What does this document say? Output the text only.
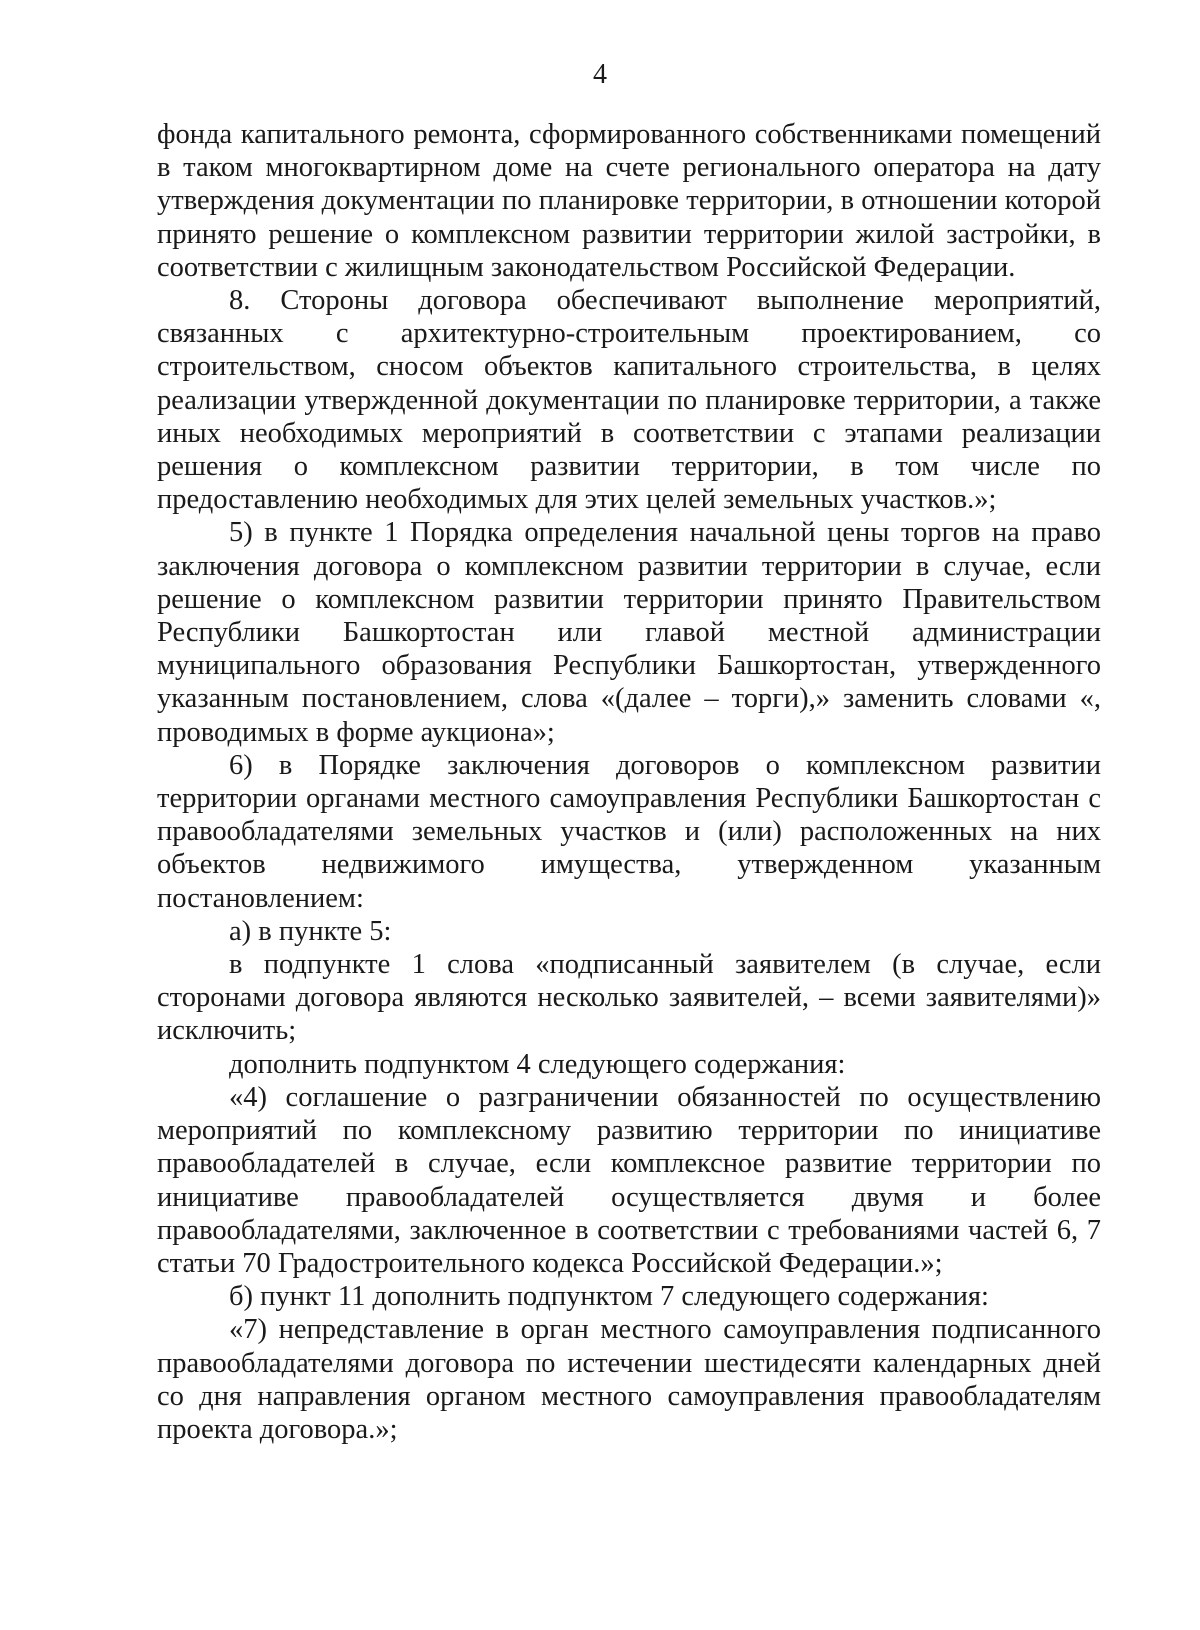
4

фонда капитального ремонта, сформированного собственниками помещений в таком многоквартирном доме на счете регионального оператора на дату утверждения документации по планировке территории, в отношении которой принято решение о комплексном развитии территории жилой застройки, в соответствии с жилищным законодательством Российской Федерации.

8. Стороны договора обеспечивают выполнение мероприятий, связанных с архитектурно-строительным проектированием, со строительством, сносом объектов капитального строительства, в целях реализации утвержденной документации по планировке территории, а также иных необходимых мероприятий в соответствии с этапами реализации решения о комплексном развитии территории, в том числе по предоставлению необходимых для этих целей земельных участков.»;

5) в пункте 1 Порядка определения начальной цены торгов на право заключения договора о комплексном развитии территории в случае, если решение о комплексном развитии территории принято Правительством Республики Башкортостан или главой местной администрации муниципального образования Республики Башкортостан, утвержденного указанным постановлением, слова «(далее – торги),» заменить словами «, проводимых в форме аукциона»;

6) в Порядке заключения договоров о комплексном развитии территории органами местного самоуправления Республики Башкортостан с правообладателями земельных участков и (или) расположенных на них объектов недвижимого имущества, утвержденном указанным постановлением:

а) в пункте 5:

в подпункте 1 слова «подписанный заявителем (в случае, если сторонами договора являются несколько заявителей, – всеми заявителями)» исключить;

дополнить подпунктом 4 следующего содержания:

«4) соглашение о разграничении обязанностей по осуществлению мероприятий по комплексному развитию территории по инициативе правообладателей в случае, если комплексное развитие территории по инициативе правообладателей осуществляется двумя и более правообладателями, заключенное в соответствии с требованиями частей 6, 7 статьи 70 Градостроительного кодекса Российской Федерации.»;

б) пункт 11 дополнить подпунктом 7 следующего содержания:

«7) непредставление в орган местного самоуправления подписанного правообладателями договора по истечении шестидесяти календарных дней со дня направления органом местного самоуправления правообладателям проекта договора.»;
